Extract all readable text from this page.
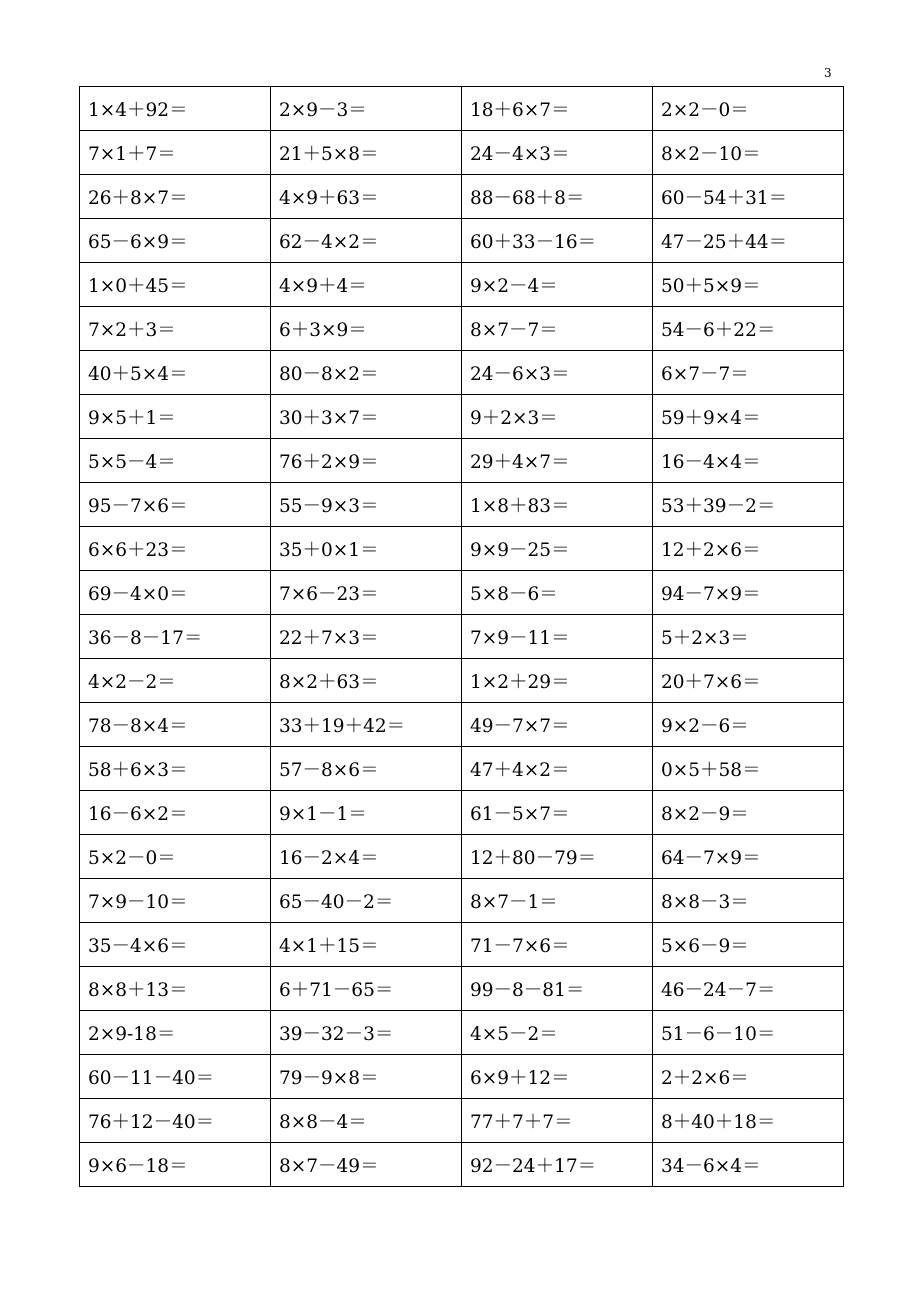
3
1×4＋92＝	2×9－3＝	18＋6×7＝	2×2－0＝
7×1＋7＝	21＋5×8＝	24－4×3＝	8×2－10＝
26＋8×7＝	4×9＋63＝	88－68＋8＝	60－54＋31＝
65－6×9＝	62－4×2＝	60＋33－16＝	47－25＋44＝
1×0＋45＝	4×9＋4＝	9×2－4＝	50＋5×9＝
7×2＋3＝	6＋3×9＝	8×7－7＝	54－6＋22＝
40＋5×4＝	80－8×2＝	24－6×3＝	6×7－7＝
9×5＋1＝	30＋3×7＝	9＋2×3＝	59＋9×4＝
5×5－4＝	76＋2×9＝	29＋4×7＝	16－4×4＝
95－7×6＝	55－9×3＝	1×8＋83＝	53＋39－2＝
6×6＋23＝	35＋0×1＝	9×9－25＝	12＋2×6＝
69－4×0＝	7×6－23＝	5×8－6＝	94－7×9＝
36－8－17＝	22＋7×3＝	7×9－11＝	5＋2×3＝
4×2－2＝	8×2＋63＝	1×2＋29＝	20＋7×6＝
78－8×4＝	33＋19＋42＝	49－7×7＝	9×2－6＝
58＋6×3＝	57－8×6＝	47＋4×2＝	0×5＋58＝
16－6×2＝	9×1－1＝	61－5×7＝	8×2－9＝
5×2－0＝	16－2×4＝	12＋80－79＝	64－7×9＝
7×9－10＝	65－40－2＝	8×7－1＝	8×8－3＝
35－4×6＝	4×1＋15＝	71－7×6＝	5×6－9＝
8×8＋13＝	6＋71－65＝	99－8－81＝	46－24－7＝
2×9-18＝	39－32－3＝	4×5－2＝	51－6－10＝
60－11－40＝	79－9×8＝	6×9＋12＝	2＋2×6＝
76＋12－40＝	8×8－4＝	77＋7＋7＝	8＋40＋18＝
9×6－18＝	8×7－49＝	92－24＋17＝	34－6×4＝
